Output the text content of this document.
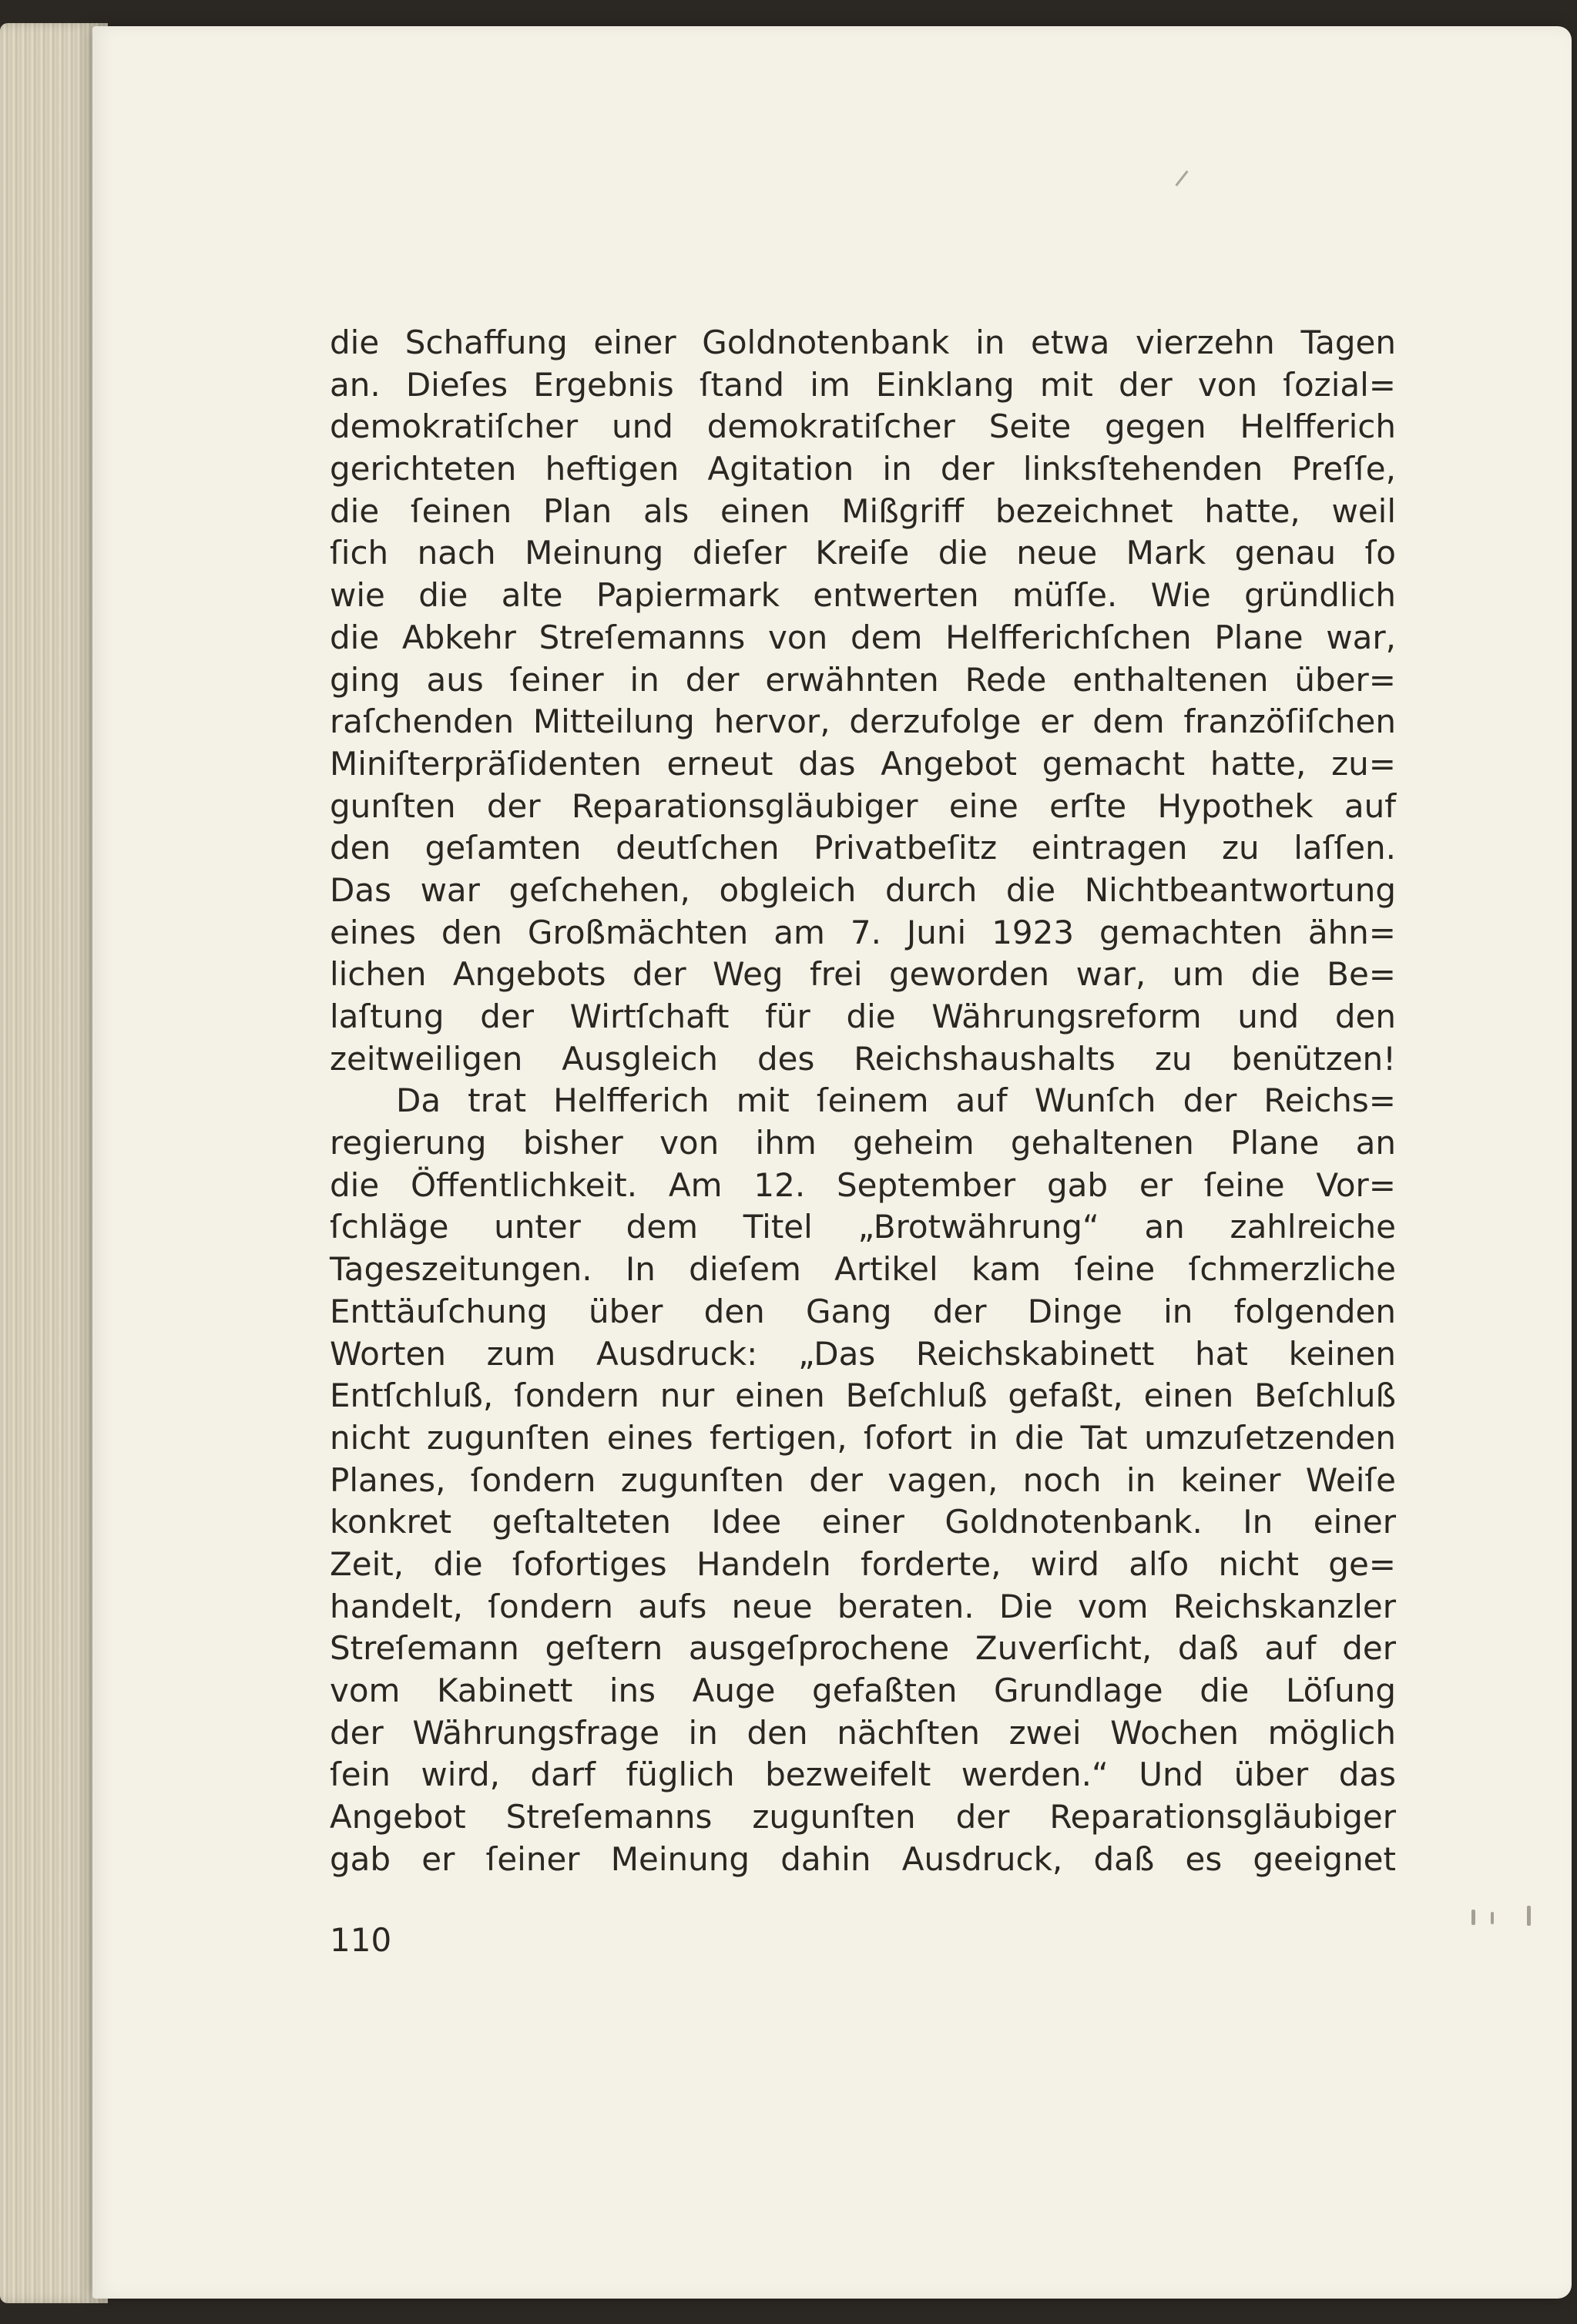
die Schaffung einer Goldnotenbank in etwa vierzehn Tagen
an. Dieſes Ergebnis ſtand im Einklang mit der von ſozial=
demokratiſcher und demokratiſcher Seite gegen Helfferich
gerichteten heftigen Agitation in der linksſtehenden Preſſe,
die ſeinen Plan als einen Mißgriff bezeichnet hatte, weil
ſich nach Meinung dieſer Kreiſe die neue Mark genau ſo
wie die alte Papiermark entwerten müſſe. Wie gründlich
die Abkehr Streſemanns von dem Helfferichſchen Plane war,
ging aus ſeiner in der erwähnten Rede enthaltenen über=
raſchenden Mitteilung hervor, derzufolge er dem franzöſiſchen
Miniſterpräſidenten erneut das Angebot gemacht hatte, zu=
gunſten der Reparationsgläubiger eine erſte Hypothek auf
den geſamten deutſchen Privatbeſitz eintragen zu laſſen.
Das war geſchehen, obgleich durch die Nichtbeantwortung
eines den Großmächten am 7. Juni 1923 gemachten ähn=
lichen Angebots der Weg frei geworden war, um die Be=
laſtung der Wirtſchaft für die Währungsreform und den
zeitweiligen Ausgleich des Reichshaushalts zu benützen!
Da trat Helfferich mit ſeinem auf Wunſch der Reichs=
regierung bisher von ihm geheim gehaltenen Plane an
die Öffentlichkeit. Am 12. September gab er ſeine Vor=
ſchläge unter dem Titel „Brotwährung“ an zahlreiche
Tageszeitungen. In dieſem Artikel kam ſeine ſchmerzliche
Enttäuſchung über den Gang der Dinge in folgenden
Worten zum Ausdruck: „Das Reichskabinett hat keinen
Entſchluß, ſondern nur einen Beſchluß gefaßt, einen Beſchluß
nicht zugunſten eines fertigen, ſofort in die Tat umzuſetzenden
Planes, ſondern zugunſten der vagen, noch in keiner Weiſe
konkret geſtalteten Idee einer Goldnotenbank. In einer
Zeit, die ſofortiges Handeln forderte, wird alſo nicht ge=
handelt, ſondern aufs neue beraten. Die vom Reichskanzler
Streſemann geſtern ausgeſprochene Zuverſicht, daß auf der
vom Kabinett ins Auge gefaßten Grundlage die Löſung
der Währungsfrage in den nächſten zwei Wochen möglich
ſein wird, darf füglich bezweifelt werden.“ Und über das
Angebot Streſemanns zugunſten der Reparationsgläubiger
gab er ſeiner Meinung dahin Ausdruck, daß es geeignet
110
